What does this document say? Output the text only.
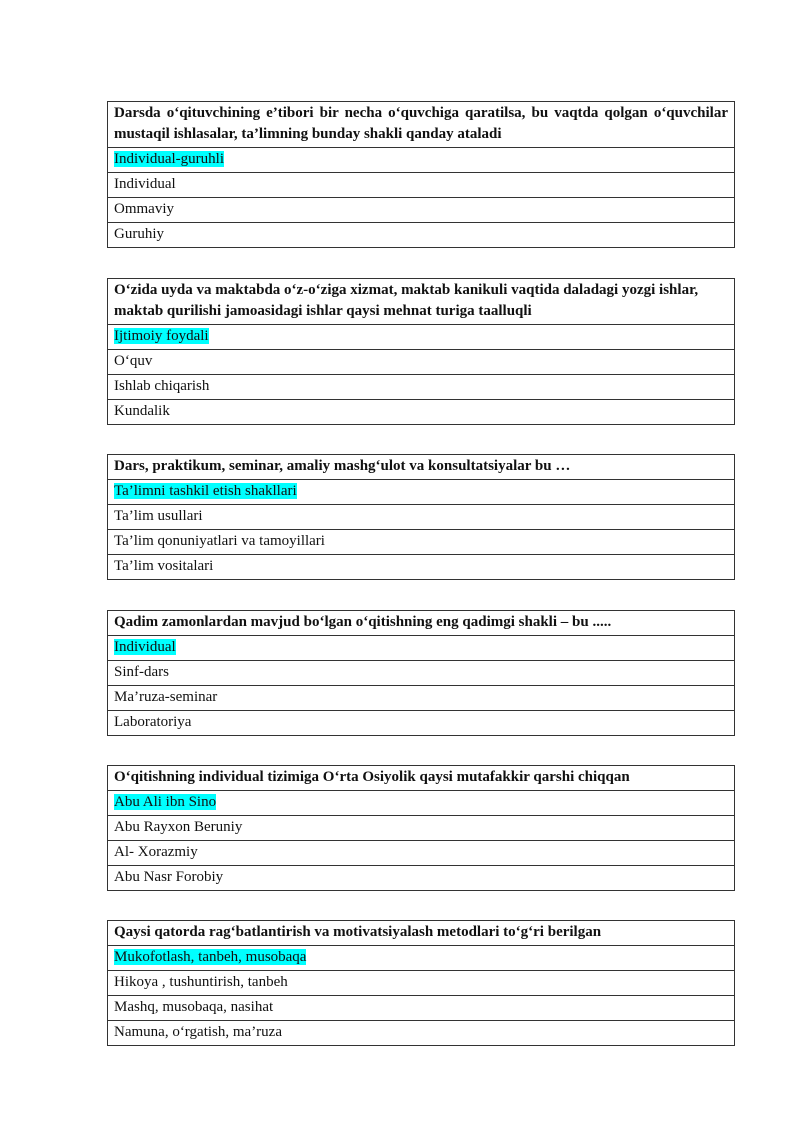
Darsda o‘qituvchining e’tibori bir necha o‘quvchiga qaratilsa, bu vaqtda qolgan o‘quvchilar mustaqil ishlasalar, ta’limning bunday shakli qanday ataladi
Individual-guruhli
Individual
Ommaviy
Guruhiy
O‘zida uyda va maktabda o‘z-o‘ziga xizmat, maktab kanikuli vaqtida daladagi yozgi ishlar, maktab qurilishi jamoasidagi ishlar qaysi mehnat turiga taalluqli
Ijtimoiy foydali
O‘quv
Ishlab chiqarish
Kundalik
Dars, praktikum, seminar, amaliy mashg‘ulot va konsultatsiyalar bu …
Ta’limni tashkil etish shakllari
Ta’lim usullari
Ta’lim qonuniyatlari va tamoyillari
Ta’lim vositalari
Qadim zamonlardan mavjud bo‘lgan o‘qitishning eng qadimgi shakli – bu .....
Individual
Sinf-dars
Ma’ruza-seminar
Laboratoriya
O‘qitishning individual tizimiga O‘rta Osiyolik qaysi mutafakkir qarshi chiqqan
Abu Ali ibn Sino
Abu Rayxon Beruniy
Al- Xorazmiy
Abu Nasr Forobiy
Qaysi qatorda rag‘batlantirish va motivatsiyalash metodlari to‘g‘ri berilgan
Mukofotlash, tanbeh, musobaqa
Hikoya , tushuntirish, tanbeh
Mashq, musobaqa, nasihat
Namuna, o‘rgatish, ma’ruza
